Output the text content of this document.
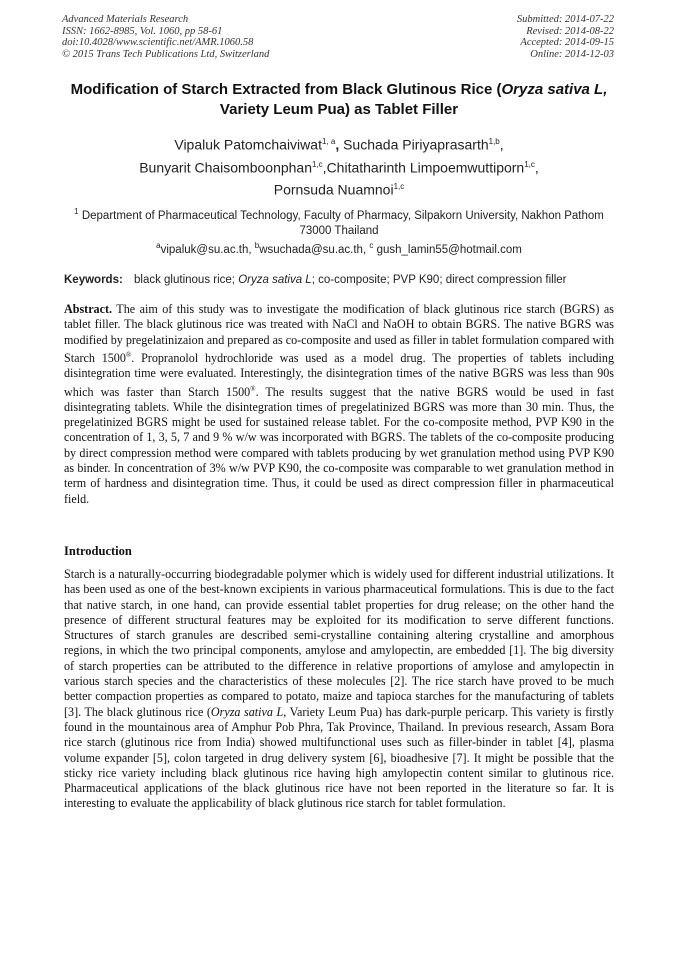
Advanced Materials Research
ISSN: 1662-8985, Vol. 1060, pp 58-61
doi:10.4028/www.scientific.net/AMR.1060.58
© 2015 Trans Tech Publications Ltd, Switzerland
Submitted: 2014-07-22
Revised: 2014-08-22
Accepted: 2014-09-15
Online: 2014-12-03
Modification of Starch Extracted from Black Glutinous Rice (Oryza sativa L, Variety Leum Pua) as Tablet Filler
Vipaluk Patomchaiviwat$^{1, a}$, Suchada Piriyaprasarth$^{1,b}$,
Bunyarit Chaisomboonphan$^{1,c}$,Chitatharinth Limpoemwuttiporn$^{1,c}$,
Pornsuda Nuamnoi$^{1,c}$
$^1$ Department of Pharmaceutical Technology, Faculty of Pharmacy, Silpakorn University, Nakhon Pathom 73000 Thailand
$^a$vipaluk@su.ac.th, $^b$wsuchada@su.ac.th, $^c$ gush_lamin55@hotmail.com
Keywords: black glutinous rice; Oryza sativa L; co-composite; PVP K90; direct compression filler
Abstract. The aim of this study was to investigate the modification of black glutinous rice starch (BGRS) as tablet filler. The black glutinous rice was treated with NaCl and NaOH to obtain BGRS. The native BGRS was modified by pregelatinizaion and prepared as co-composite and used as filler in tablet formulation compared with Starch 1500®. Propranolol hydrochloride was used as a model drug. The properties of tablets including disintegration time were evaluated. Interestingly, the disintegration times of the native BGRS was less than 90s which was faster than Starch 1500®. The results suggest that the native BGRS would be used in fast disintegrating tablets. While the disintegration times of pregelatinized BGRS was more than 30 min. Thus, the pregelatinized BGRS might be used for sustained release tablet. For the co-composite method, PVP K90 in the concentration of 1, 3, 5, 7 and 9 % w/w was incorporated with BGRS. The tablets of the co-composite producing by direct compression method were compared with tablets producing by wet granulation method using PVP K90 as binder. In concentration of 3% w/w PVP K90, the co-composite was comparable to wet granulation method in term of hardness and disintegration time. Thus, it could be used as direct compression filler in pharmaceutical field.
Introduction
Starch is a naturally-occurring biodegradable polymer which is widely used for different industrial utilizations. It has been used as one of the best-known excipients in various pharmaceutical formulations. This is due to the fact that native starch, in one hand, can provide essential tablet properties for drug release; on the other hand the presence of different structural features may be exploited for its modification to serve different functions. Structures of starch granules are described semi-crystalline containing altering crystalline and amorphous regions, in which the two principal components, amylose and amylopectin, are embedded [1]. The big diversity of starch properties can be attributed to the difference in relative proportions of amylose and amylopectin in various starch species and the characteristics of these molecules [2]. The rice starch have proved to be much better compaction properties as compared to potato, maize and tapioca starches for the manufacturing of tablets [3]. The black glutinous rice (Oryza sativa L, Variety Leum Pua) has dark-purple pericarp. This variety is firstly found in the mountainous area of Amphur Pob Phra, Tak Province, Thailand. In previous research, Assam Bora rice starch (glutinous rice from India) showed multifunctional uses such as filler-binder in tablet [4], plasma volume expander [5], colon targeted in drug delivery system [6], bioadhesive [7]. It might be possible that the sticky rice variety including black glutinous rice having high amylopectin content similar to glutinous rice. Pharmaceutical applications of the black glutinous rice have not been reported in the literature so far. It is interesting to evaluate the applicability of black glutinous rice starch for tablet formulation.
